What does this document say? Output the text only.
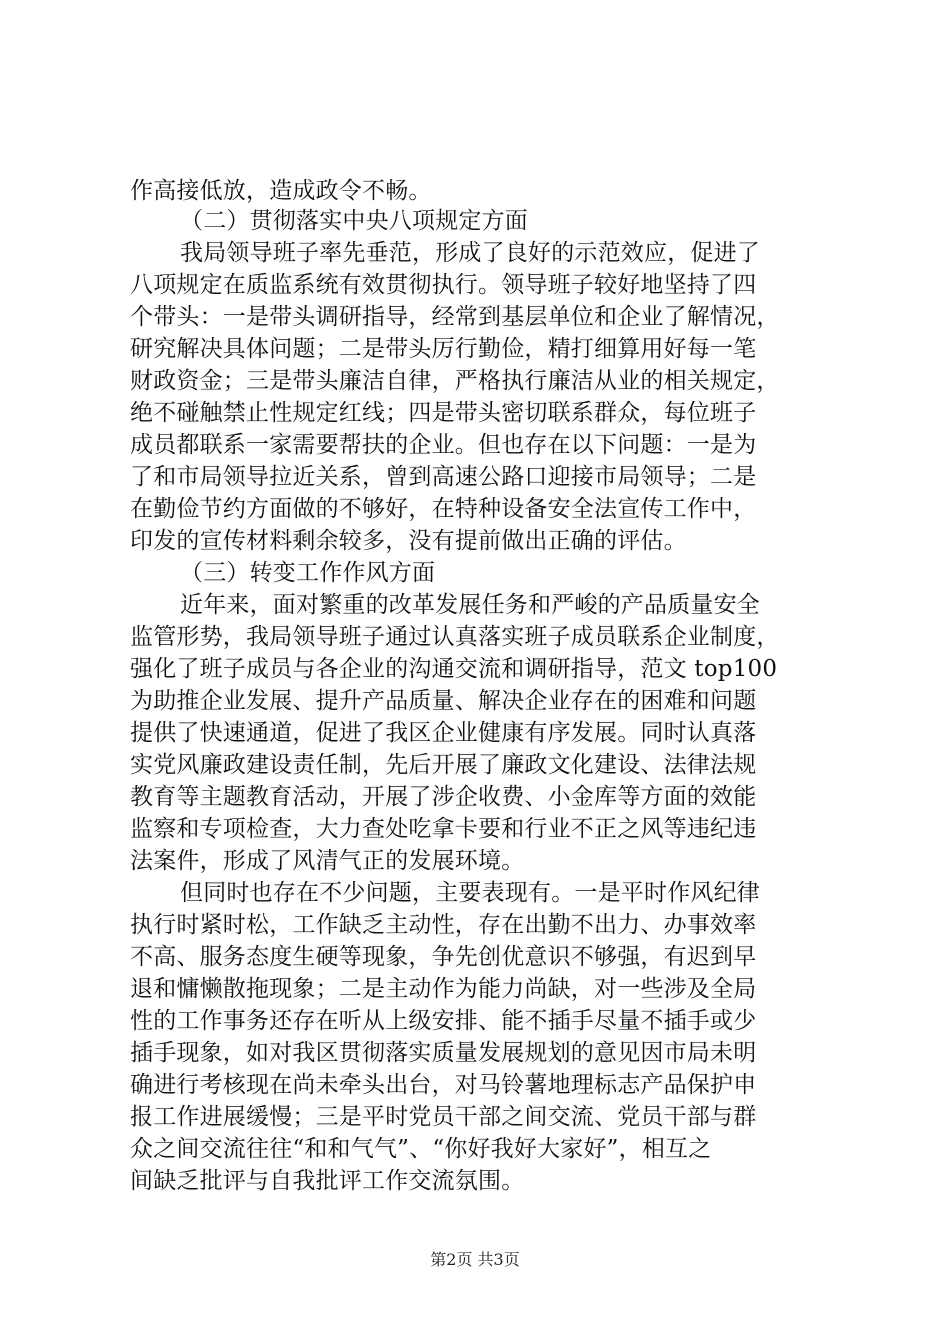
作高接低放，造成政令不畅。
（二）贯彻落实中央八项规定方面
我局领导班子率先垂范，形成了良好的示范效应，促进了
八项规定在质监系统有效贯彻执行。领导班子较好地坚持了四
个带头：一是带头调研指导，经常到基层单位和企业了解情况，
研究解决具体问题；二是带头厉行勤俭，精打细算用好每一笔
财政资金；三是带头廉洁自律，严格执行廉洁从业的相关规定，
绝不碰触禁止性规定红线；四是带头密切联系群众，每位班子
成员都联系一家需要帮扶的企业。但也存在以下问题：一是为
了和市局领导拉近关系，曾到高速公路口迎接市局领导；二是
在勤俭节约方面做的不够好，在特种设备安全法宣传工作中，
印发的宣传材料剩余较多，没有提前做出正确的评估。
（三）转变工作作风方面
近年来，面对繁重的改革发展任务和严峻的产品质量安全
监管形势，我局领导班子通过认真落实班子成员联系企业制度，
强化了班子成员与各企业的沟通交流和调研指导，范文 top100
为助推企业发展、提升产品质量、解决企业存在的困难和问题
提供了快速通道，促进了我区企业健康有序发展。同时认真落
实党风廉政建设责任制，先后开展了廉政文化建设、法律法规
教育等主题教育活动，开展了涉企收费、小金库等方面的效能
监察和专项检查，大力查处吃拿卡要和行业不正之风等违纪违
法案件，形成了风清气正的发展环境。
但同时也存在不少问题，主要表现有。一是平时作风纪律
执行时紧时松，工作缺乏主动性，存在出勤不出力、办事效率
不高、服务态度生硬等现象，争先创优意识不够强，有迟到早
退和慵懒散拖现象；二是主动作为能力尚缺，对一些涉及全局
性的工作事务还存在听从上级安排、能不插手尽量不插手或少
插手现象，如对我区贯彻落实质量发展规划的意见因市局未明
确进行考核现在尚未牵头出台，对马铃薯地理标志产品保护申
报工作进展缓慢；三是平时党员干部之间交流、党员干部与群
众之间交流往往“和和气气”、“你好我好大家好”，相互之
间缺乏批评与自我批评工作交流氛围。
第2页 共3页
